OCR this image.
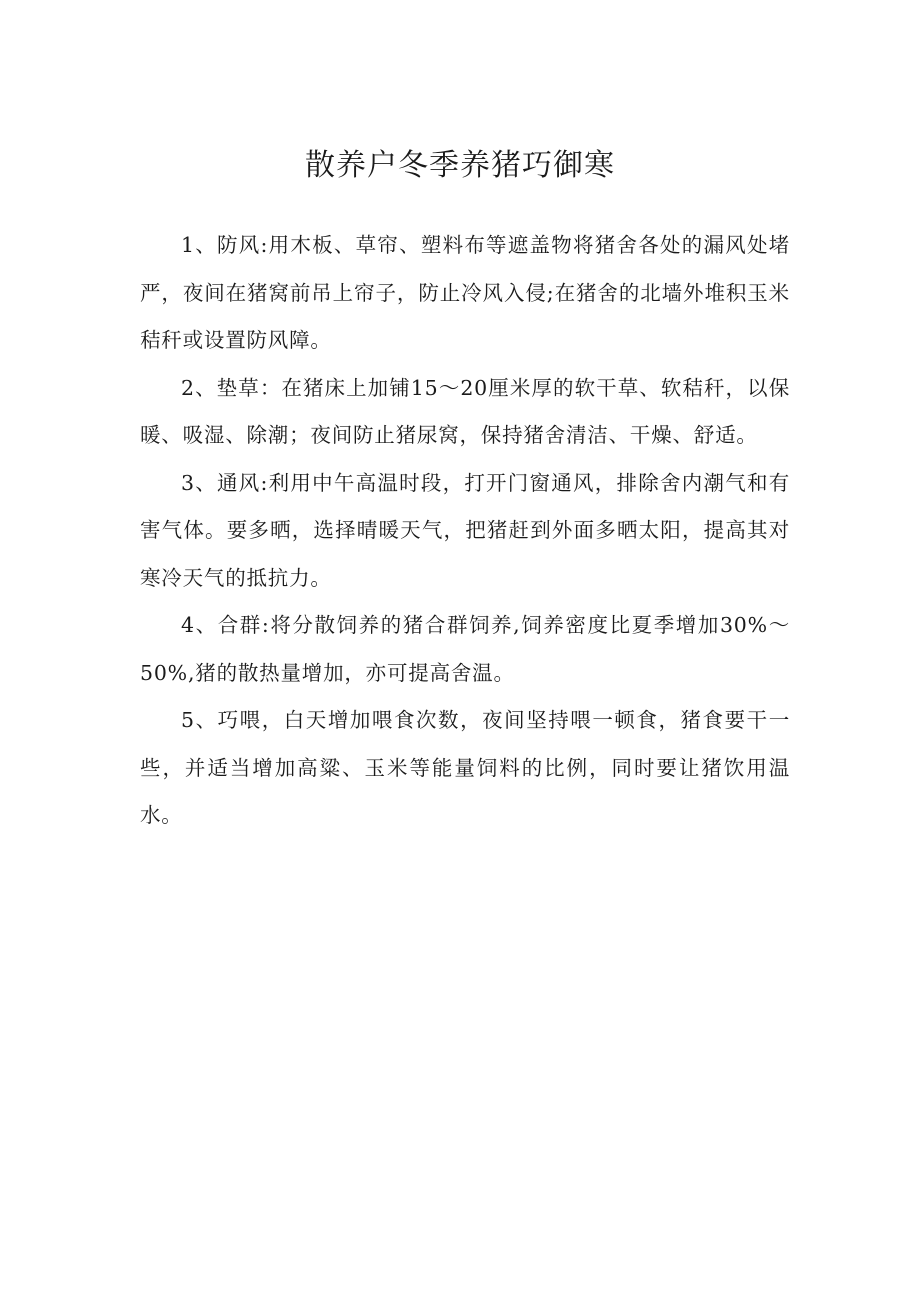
散养户冬季养猪巧御寒

1、防风:用木板、草帘、塑料布等遮盖物将猪舍各处的漏风处堵严，夜间在猪窝前吊上帘子，防止冷风入侵;在猪舍的北墙外堆积玉米秸秆或设置防风障。

2、垫草：在猪床上加铺15～20厘米厚的软干草、软秸秆，以保暖、吸湿、除潮；夜间防止猪尿窝，保持猪舍清洁、干燥、舒适。

3、通风:利用中午高温时段，打开门窗通风，排除舍内潮气和有害气体。要多晒，选择晴暖天气，把猪赶到外面多晒太阳，提高其对寒冷天气的抵抗力。

4、合群:将分散饲养的猪合群饲养,饲养密度比夏季增加30%～50%,猪的散热量增加，亦可提高舍温。

5、巧喂，白天增加喂食次数，夜间坚持喂一顿食，猪食要干一些，并适当增加高粱、玉米等能量饲料的比例，同时要让猪饮用温水。
